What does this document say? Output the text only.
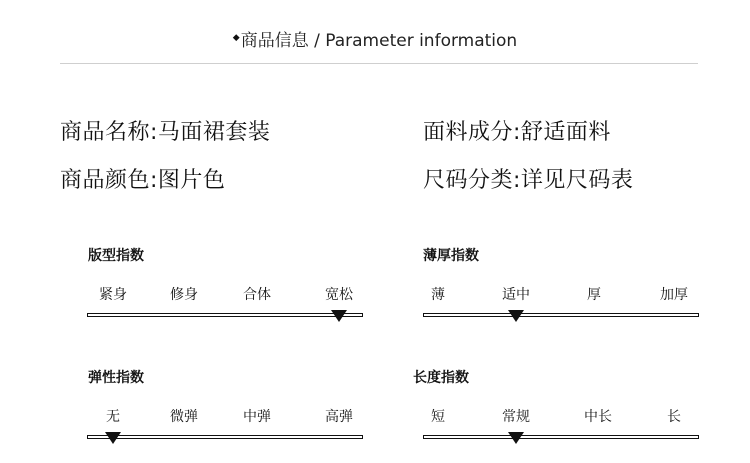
◆商品信息 / Parameter information
商品名称:马面裙套装	面料成分:舒适面料
商品颜色:图片色	尺码分类:详见尺码表
版型指数
紧身	修身	合体	宽松
薄厚指数
薄	适中	厚	加厚
弹性指数
无	微弹	中弹	高弹
长度指数
短	常规	中长	长
